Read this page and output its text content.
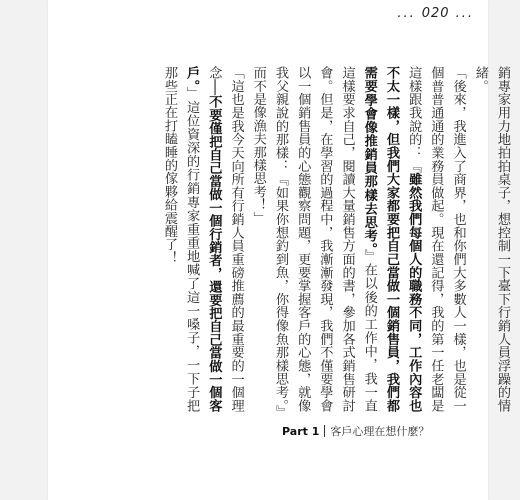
... 020 ...

銷專家用力地拍拍桌子，想控制一下臺下行銷人員浮躁的情緒。

「後來，我進入了商界，也和你們大多數人一樣，也是從一個普普通通的業務員做起。現在還記得，我的第一任老闆是這樣跟我說的：『雖然我們每個人的職務不同，工作內容也不太一樣，但我們大家都要把自己當做一個銷售員，我們都需要學會像推銷員那樣去思考。』在以後的工作中，我一直這樣要求自己，閱讀大量銷售方面的書，參加各式銷售研討會。但是，在學習的過程中，我漸漸發現，我們不僅要學會以一個銷售員的心態觀察問題，更要掌握客戶的心態，就像我父親說的那樣：『如果你想釣到魚，你得像魚那樣思考。』而不是像漁夫那樣思考！」

「這也是我今天向所有行銷人員重磅推薦的最重要的一個理念──不要僅把自己當做一個行銷者，還要把自己當做一個客戶。」這位資深的行銷專家重重地喊了這一嗓子，一下子把那些正在打瞌睡的傢夥給震醒了！

Part 1 客戶心理在想什麼？
